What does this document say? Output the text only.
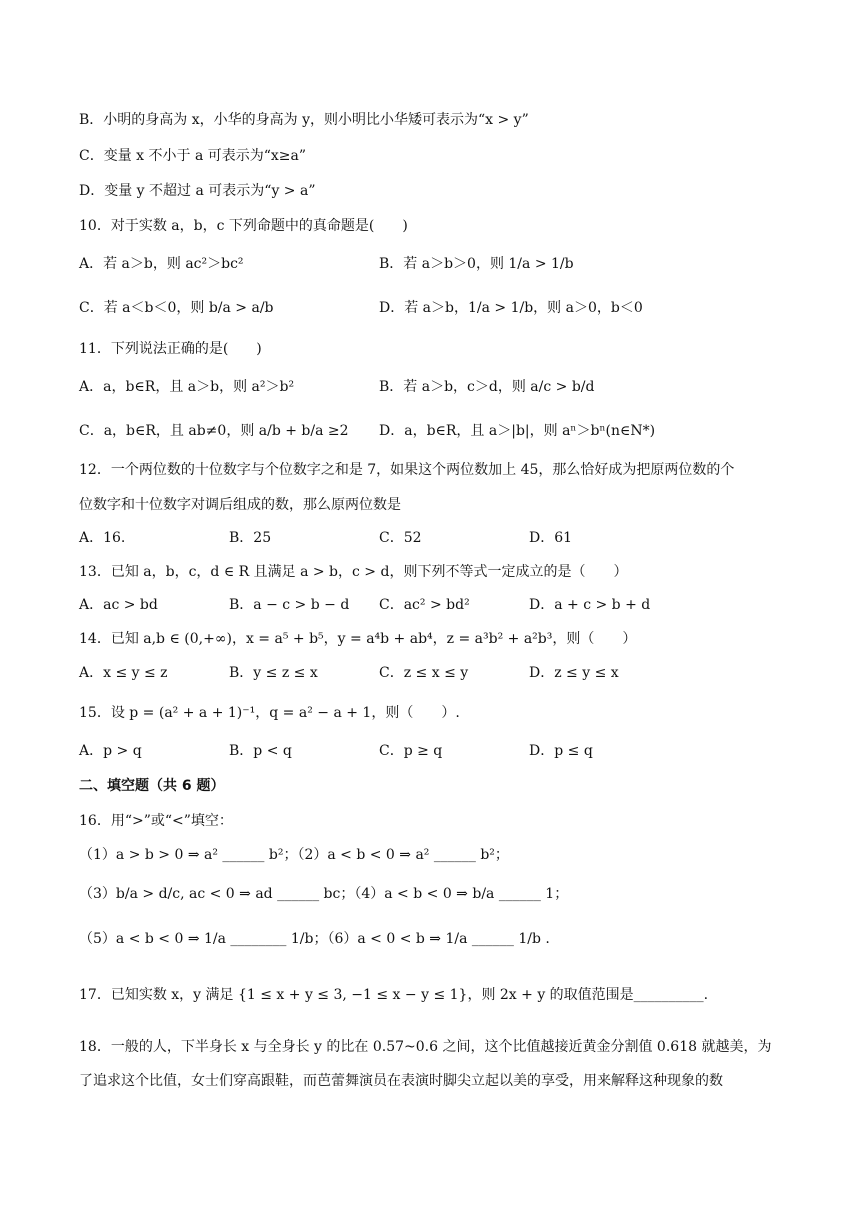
B．小明的身高为 x，小华的身高为 y，则小明比小华矮可表示为“x > y”
C．变量 x 不小于 a 可表示为“x≥a”
D．变量 y 不超过 a 可表示为“y > a”
10．对于实数 a，b，c 下列命题中的真命题是(　　)
A．若 a＞b，则 ac²＞bc²	B．若 a＞b＞0，则 1/a > 1/b
C．若 a＜b＜0，则 b/a > a/b	D．若 a＞b，1/a > 1/b，则 a＞0，b＜0
11．下列说法正确的是(　　)
A．a，b∈R，且 a＞b，则 a²＞b²	B．若 a＞b，c＞d，则 a/c > b/d
C．a，b∈R，且 ab≠0，则 a/b + b/a ≥2 D．a，b∈R，且 a＞|b|，则 aⁿ＞bⁿ(n∈N*)
12．一个两位数的十位数字与个位数字之和是 7，如果这个两位数加上 45，那么恰好成为把原两位数的个
位数字和十位数字对调后组成的数，那么原两位数是
A．16.	B．25	C．52	D．61
13．已知 a，b，c，d ∈ R 且满足 a > b，c > d，则下列不等式一定成立的是（　　）
A．ac > bd	B．a − c > b − d C．ac² > bd²	D．a + c > b + d
14．已知 a,b ∈ (0,+∞)，x = a⁵ + b⁵，y = a⁴b + ab⁴，z = a³b² + a²b³，则（　　）
A．x ≤ y ≤ z	B．y ≤ z ≤ x	C．z ≤ x ≤ y	D．z ≤ y ≤ x
15．设 p = (a² + a + 1)⁻¹，q = a² − a + 1，则（　　）.
A．p > q	B．p < q	C．p ≥ q	D．p ≤ q
二、填空题（共 6 题）
16．用“>”或“<”填空：
（1）a > b > 0 ⇒ a² ______ b²；（2）a < b < 0 ⇒ a² ______ b²；
（3）b/a > d/c, ac < 0 ⇒ ad ______ bc；（4）a < b < 0 ⇒ b/a ______ 1；
（5）a < b < 0 ⇒ 1/a ________ 1/b；（6）a < 0 < b ⇒ 1/a ______ 1/b .
17．已知实数 x，y 满足 {1 ≤ x + y ≤ 3, −1 ≤ x − y ≤ 1}，则 2x + y 的取值范围是__________.
18．一般的人，下半身长 x 与全身长 y 的比在 0.57~0.6 之间，这个比值越接近黄金分割值 0.618 就越美，为
了追求这个比值，女士们穿高跟鞋，而芭蕾舞演员在表演时脚尖立起以美的享受，用来解释这种现象的数
